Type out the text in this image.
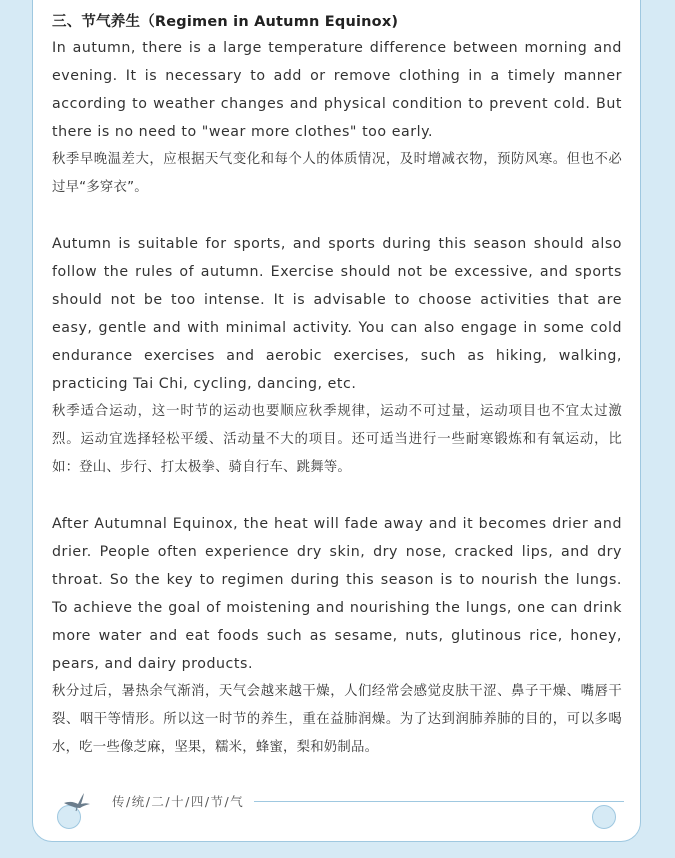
三、节气养生（Regimen in Autumn Equinox)

In autumn, there is a large temperature difference between morning and evening. It is necessary to add or remove clothing in a timely manner according to weather changes and physical condition to prevent cold. But there is no need to "wear more clothes" too early.

秋季早晚温差大，应根据天气变化和每个人的体质情况，及时增减衣物，预防风寒。但也不必过早“多穿衣”。

Autumn is suitable for sports, and sports during this season should also follow the rules of autumn. Exercise should not be excessive, and sports should not be too intense. It is advisable to choose activities that are easy, gentle and with minimal activity. You can also engage in some cold endurance exercises and aerobic exercises, such as hiking, walking, practicing Tai Chi, cycling, dancing, etc.

秋季适合运动，这一时节的运动也要顺应秋季规律，运动不可过量，运动项目也不宜太过激烈。运动宜选择轻松平缓、活动量不大的项目。还可适当进行一些耐寒锻炼和有氧运动，比如：登山、步行、打太极拳、骑自行车、跳舞等。

After Autumnal Equinox, the heat will fade away and it becomes drier and drier. People often experience dry skin, dry nose, cracked lips, and dry throat. So the key to regimen during this season is to nourish the lungs. To achieve the goal of moistening and nourishing the lungs, one can drink more water and eat foods such as sesame, nuts, glutinous rice, honey, pears, and dairy products.

秋分过后，暑热余气渐消，天气会越来越干燥，人们经常会感觉皮肤干涩、鼻子干燥、嘴唇干裂、咽干等情形。所以这一时节的养生，重在益肺润燥。为了达到润肺养肺的目的，可以多喝水，吃一些像芝麻，坚果，糯米，蜂蜜，梨和奶制品。

传/统/二/十/四/节/气
